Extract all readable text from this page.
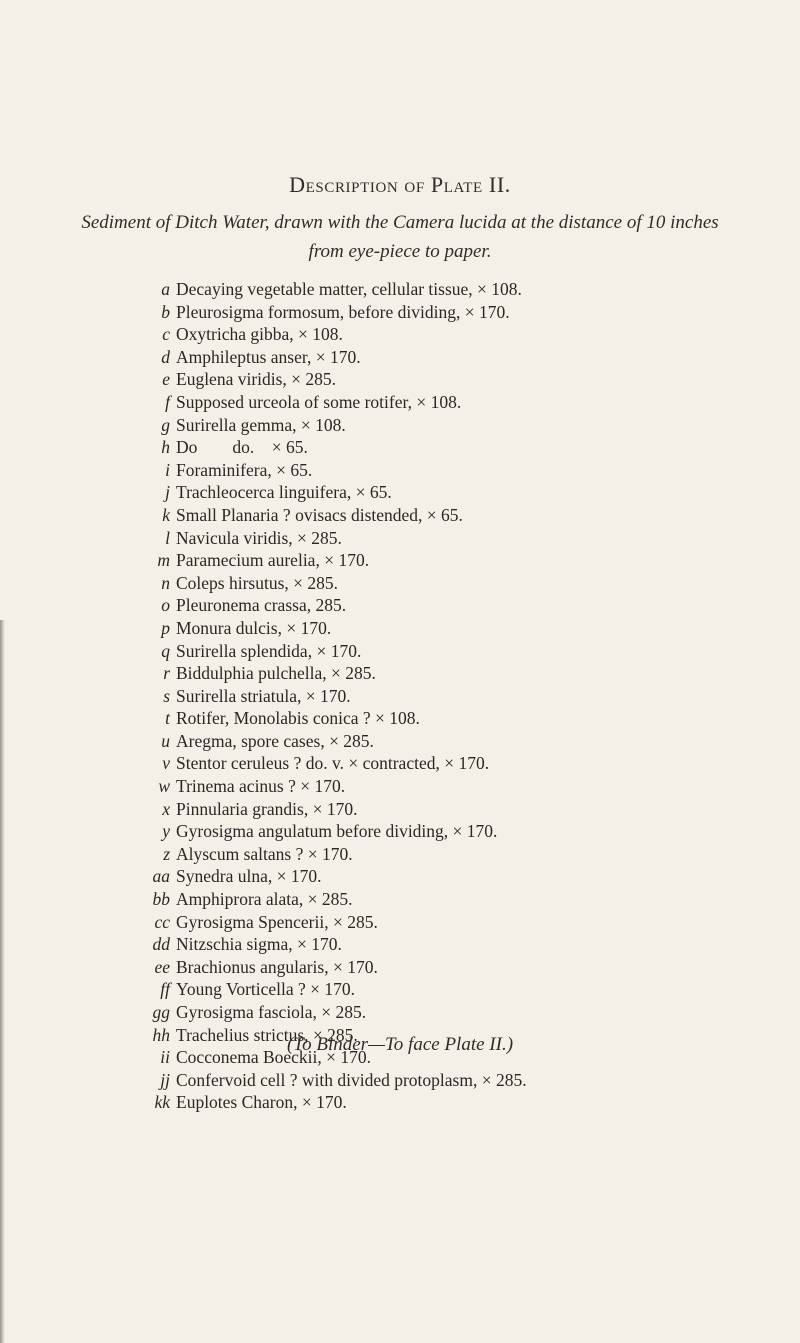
Description of Plate II.
Sediment of Ditch Water, drawn with the Camera lucida at the distance of 10 inches
from eye-piece to paper.
a Decaying vegetable matter, cellular tissue, × 108.
b Pleurosigma formosum, before dividing, × 170.
c Oxytricha gibba, × 108.
d Amphileptus anser, × 170.
e Euglena viridis, × 285.
f Supposed urceola of some rotifer, × 108.
g Surirella gemma, × 108.
h Do        do.    × 65.
i Foraminifera, × 65.
j Trachleocerca linguifera, × 65.
k Small Planaria ? ovisacs distended, × 65.
l Navicula viridis, × 285.
m Paramecium aurelia, × 170.
n Coleps hirsutus, × 285.
o Pleuronema crassa, 285.
p Monura dulcis, × 170.
q Surirella splendida, × 170.
r Biddulphia pulchella, × 285.
s Surirella striatula, × 170.
t Rotifer, Monolabis conica ? × 108.
u Aregma, spore cases, × 285.
v Stentor ceruleus ? do. v. × contracted, × 170.
w Trinema acinus ? × 170.
x Pinnularia grandis, × 170.
y Gyrosigma angulatum before dividing, × 170.
z Alyscum saltans ? × 170.
aa Synedra ulna, × 170.
bb Amphiprora alata, × 285.
cc Gyrosigma Spencerii, × 285.
dd Nitzschia sigma, × 170.
ee Brachionus angularis, × 170.
ff Young Vorticella ? × 170.
gg Gyrosigma fasciola, × 285.
hh Trachelius strictus, × 285.
ii Cocconema Boeckii, × 170.
jj Confervoid cell ? with divided protoplasm, × 285.
kk Euplotes Charon, × 170.
(To Binder—To face Plate II.)
